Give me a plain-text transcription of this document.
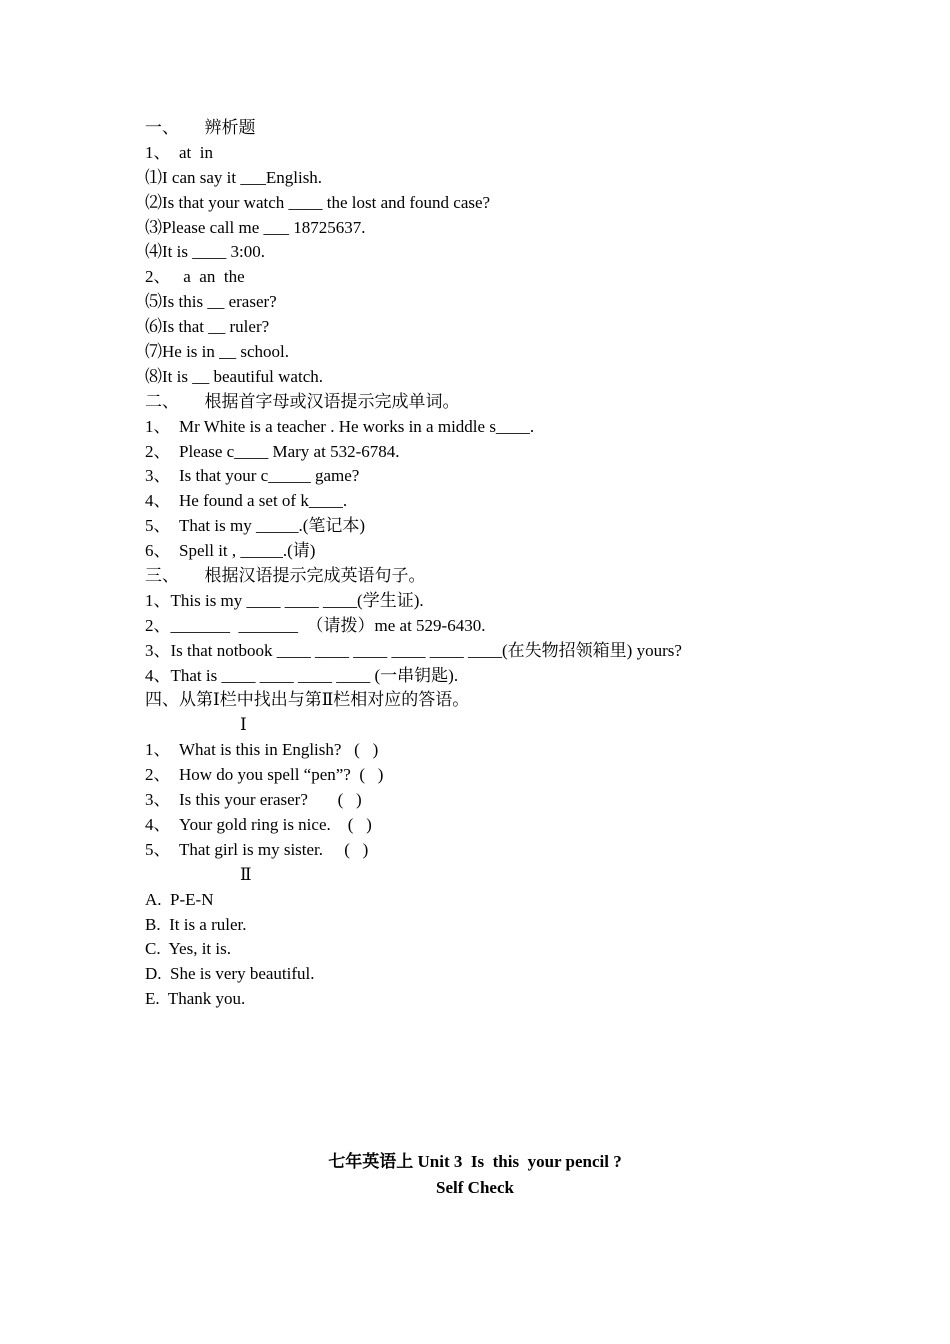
一、      辨析题
1、  at  in
⑴I can say it ___English.
⑵Is that your watch ____ the lost and found case?
⑶Please call me ___ 18725637.
⑷It is ____ 3:00.
2、   a  an  the
⑸Is this __ eraser?
⑹Is that __ ruler?
⑺He is in __ school.
⑻It is __ beautiful watch.
二、      根据首字母或汉语提示完成单词。
1、  Mr White is a teacher . He works in a middle s____.
2、  Please c____ Mary at 532-6784.
3、  Is that your c_____ game?
4、  He found a set of k____.
5、  That is my _____.(笔记本)
6、  Spell it , _____.(请)
三、      根据汉语提示完成英语句子。
1、This is my ____ ____ ____(学生证).
2、_______  _______  （请拨）me at 529-6430.
3、Is that notbook ____ ____ ____ ____ ____ ____(在失物招领箱里) yours?
4、That is ____ ____ ____ ____ (一串钥匙).
四、从第Ⅰ栏中找出与第Ⅱ栏相对应的答语。
Ⅰ
1、  What is this in English?   (   )
2、  How do you spell “pen”?  (   )
3、  Is this your eraser?       (   )
4、  Your gold ring is nice.    (   )
5、  That girl is my sister.     (   )
Ⅱ
A.  P-E-N
B.  It is a ruler.
C.  Yes, it is.
D.  She is very beautiful.
E.  Thank you.
七年英语上 Unit 3  Is  this  your pencil ?
Self Check
